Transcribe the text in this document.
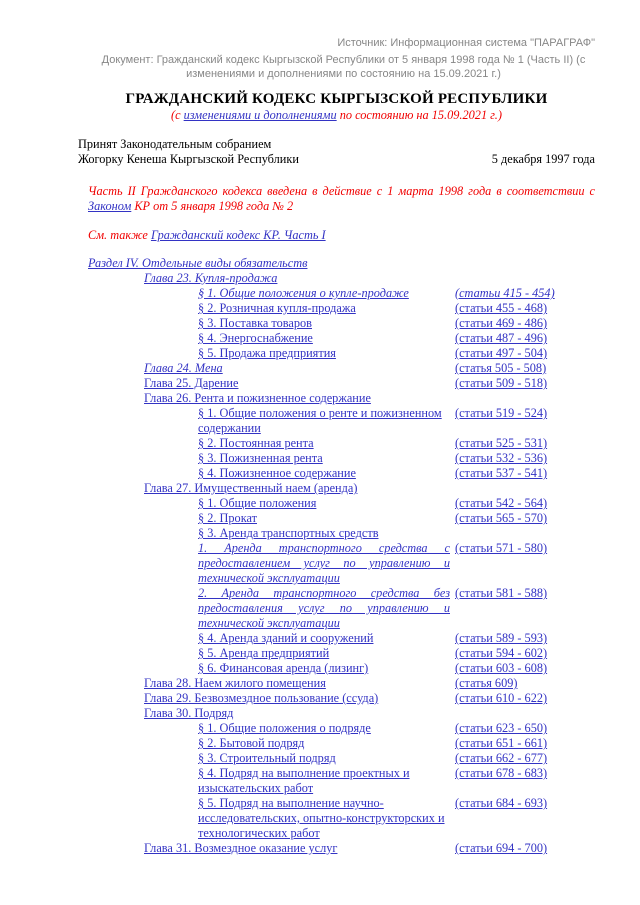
Источник: Информационная система "ПАРАГРАФ"

Документ: Гражданский кодекс Кыргызской Республики от 5 января 1998 года № 1 (Часть II) (с изменениями и дополнениями по состоянию на 15.09.2021 г.)

ГРАЖДАНСКИЙ КОДЕКС КЫРГЫЗСКОЙ РЕСПУБЛИКИ

(с изменениями и дополнениями по состоянию на 15.09.2021 г.)

Принят Законодательным собранием

Жогорку Кенеша Кыргызской Республики	5 декабря 1997 года

Часть II Гражданского кодекса введена в действие с 1 марта 1998 года в соответствии с Законом КР от 5 января 1998 года № 2

См. также Гражданский кодекс КР. Часть I

Раздел IV. Отдельные виды обязательств
Глава 23. Купля-продажа
§ 1. Общие положения о купле-продаже	(статьи 415 - 454)
§ 2. Розничная купля-продажа	(статьи 455 - 468)
§ 3. Поставка товаров	(статьи 469 - 486)
§ 4. Энергоснабжение	(статьи 487 - 496)
§ 5. Продажа предприятия	(статьи 497 - 504)
Глава 24. Мена	(статья 505 - 508)
Глава 25. Дарение	(статьи 509 - 518)
Глава 26. Рента и пожизненное содержание
§ 1. Общие положения о ренте и пожизненном содержании
(статьи 519 - 524)
§ 2. Постоянная рента	(статьи 525 - 531)
§ 3. Пожизненная рента	(статьи 532 - 536)
§ 4. Пожизненное содержание	(статьи 537 - 541)
Глава 27. Имущественный наем (аренда)
§ 1. Общие положения	(статьи 542 - 564)
§ 2. Прокат	(статьи 565 - 570)
§ 3. Аренда транспортных средств
1. Аренда транспортного средства с предоставлением услуг по управлению и технической эксплуатации
(статьи 571 - 580)
2. Аренда транспортного средства без предоставления услуг по управлению и технической эксплуатации
(статьи 581 - 588)
§ 4. Аренда зданий и сооружений	(статьи 589 - 593)
§ 5. Аренда предприятий	(статьи 594 - 602)
§ 6. Финансовая аренда (лизинг)	(статьи 603 - 608)
Глава 28. Наем жилого помещения	(статья 609)
Глава 29. Безвозмездное пользование (ссуда)	(статьи 610 - 622)
Глава 30. Подряд
§ 1. Общие положения о подряде	(статьи 623 - 650)
§ 2. Бытовой подряд	(статьи 651 - 661)
§ 3. Строительный подряд	(статьи 662 - 677)
§ 4. Подряд на выполнение проектных и изыскательских работ
(статьи 678 - 683)
§ 5. Подряд на выполнение научно-исследовательских, опытно-конструкторских и технологических работ
(статьи 684 - 693)
Глава 31. Возмездное оказание услуг	(статьи 694 - 700)
